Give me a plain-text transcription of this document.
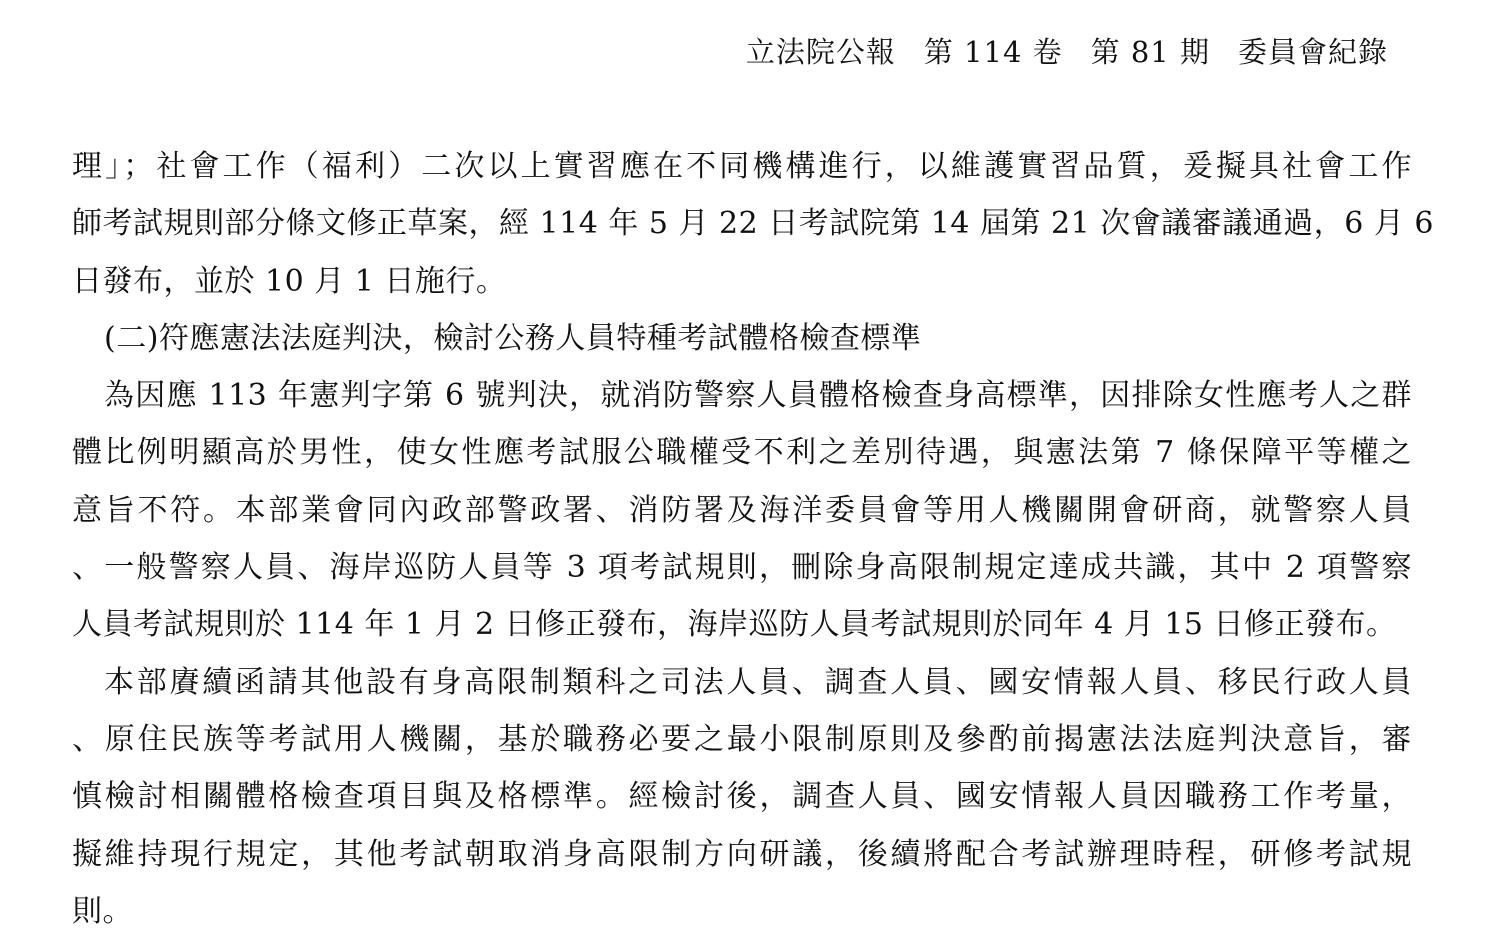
立法院公報 第 114 卷 第 81 期 委員會紀錄
理」；社會工作（福利）二次以上實習應在不同機構進行，以維護實習品質，爰擬具社會工作
師考試規則部分條文修正草案，經 114 年 5 月 22 日考試院第 14 屆第 21 次會議審議通過，6 月 6
日發布，並於 10 月 1 日施行。
(二)符應憲法法庭判決，檢討公務人員特種考試體格檢查標準
為因應 113 年憲判字第 6 號判決，就消防警察人員體格檢查身高標準，因排除女性應考人之群
體比例明顯高於男性，使女性應考試服公職權受不利之差別待遇，與憲法第 7 條保障平等權之
意旨不符。本部業會同內政部警政署、消防署及海洋委員會等用人機關開會研商，就警察人員
、一般警察人員、海岸巡防人員等 3 項考試規則，刪除身高限制規定達成共識，其中 2 項警察
人員考試規則於 114 年 1 月 2 日修正發布，海岸巡防人員考試規則於同年 4 月 15 日修正發布。
本部賡續函請其他設有身高限制類科之司法人員、調查人員、國安情報人員、移民行政人員
、原住民族等考試用人機關，基於職務必要之最小限制原則及參酌前揭憲法法庭判決意旨，審
慎檢討相關體格檢查項目與及格標準。經檢討後，調查人員、國安情報人員因職務工作考量，
擬維持現行規定，其他考試朝取消身高限制方向研議，後續將配合考試辦理時程，研修考試規
則。
